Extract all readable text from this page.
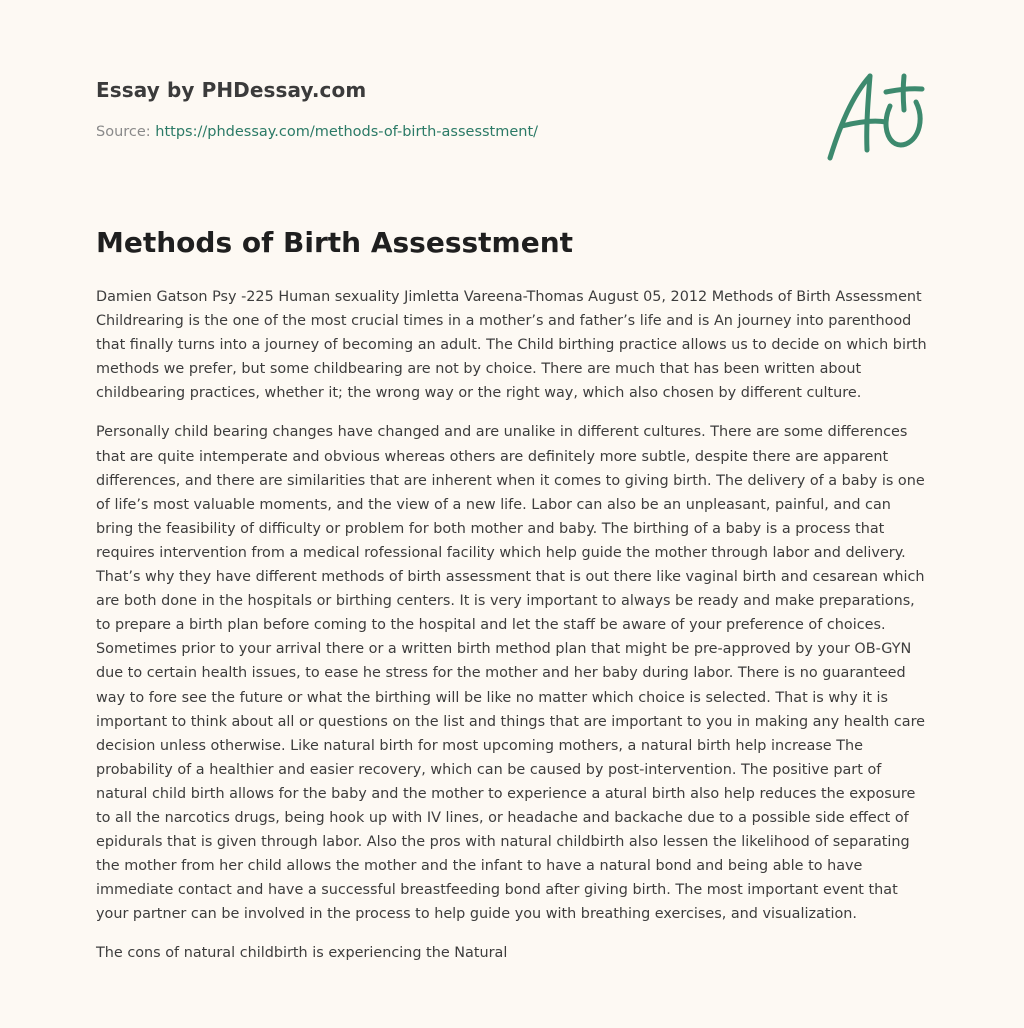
Essay by PHDessay.com
Source: https://phdessay.com/methods-of-birth-assesstment/
Methods of Birth Assesstment

Damien Gatson Psy -225 Human sexuality Jimletta Vareena-Thomas August 05, 2012 Methods of Birth Assessment Childrearing is the one of the most crucial times in a mother’s and father’s life and is An journey into parenthood that finally turns into a journey of becoming an adult. The Child birthing practice allows us to decide on which birth methods we prefer, but some childbearing are not by choice. There are much that has been written about childbearing practices, whether it; the wrong way or the right way, which also chosen by different culture.

Personally child bearing changes have changed and are unalike in different cultures. There are some differences that are quite intemperate and obvious whereas others are definitely more subtle, despite there are apparent differences, and there are similarities that are inherent when it comes to giving birth. The delivery of a baby is one of life’s most valuable moments, and the view of a new life. Labor can also be an unpleasant, painful, and can bring the feasibility of difficulty or problem for both mother and baby. The birthing of a baby is a process that requires intervention from a medical rofessional facility which help guide the mother through labor and delivery. That’s why they have different methods of birth assessment that is out there like vaginal birth and cesarean which are both done in the hospitals or birthing centers. It is very important to always be ready and make preparations, to prepare a birth plan before coming to the hospital and let the staff be aware of your preference of choices. Sometimes prior to your arrival there or a written birth method plan that might be pre-approved by your OB-GYN due to certain health issues, to ease he stress for the mother and her baby during labor. There is no guaranteed way to fore see the future or what the birthing will be like no matter which choice is selected. That is why it is important to think about all or questions on the list and things that are important to you in making any health care decision unless otherwise. Like natural birth for most upcoming mothers, a natural birth help increase The probability of a healthier and easier recovery, which can be caused by post-intervention. The positive part of natural child birth allows for the baby and the mother to experience a atural birth also help reduces the exposure to all the narcotics drugs, being hook up with IV lines, or headache and backache due to a possible side effect of epidurals that is given through labor. Also the pros with natural childbirth also lessen the likelihood of separating the mother from her child allows the mother and the infant to have a natural bond and being able to have immediate contact and have a successful breastfeeding bond after giving birth. The most important event that your partner can be involved in the process to help guide you with breathing exercises, and visualization.

The cons of natural childbirth is experiencing the Natural
